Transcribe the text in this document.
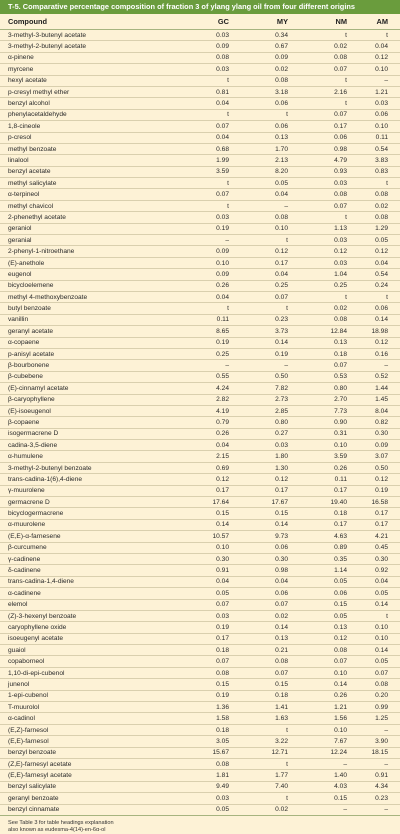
T-5. Comparative percentage composition of fraction 3 of ylang ylang oil from four different origins
Compound	GC	MY	NM	AM
3-methyl-3-butenyl acetate	0.03	0.34	t	t
3-methyl-2-butenyl acetate	0.09	0.67	0.02	0.04
α-pinene	0.08	0.09	0.08	0.12
myrcene	0.03	0.02	0.07	0.10
hexyl acetate	t	0.08	t	–
p-cresyl methyl ether	0.81	3.18	2.16	1.21
benzyl alcohol	0.04	0.06	t	0.03
phenylacetaldehyde	t	t	0.07	0.06
1,8-cineole	0.07	0.06	0.17	0.10
p-cresol	0.04	0.13	0.06	0.11
methyl benzoate	0.68	1.70	0.98	0.54
linalool	1.99	2.13	4.79	3.83
benzyl acetate	3.59	8.20	0.93	0.83
methyl salicylate	t	0.05	0.03	t
α-terpineol	0.07	0.04	0.08	0.08
methyl chavicol	t	–	0.07	0.02
2-phenethyl acetate	0.03	0.08	t	0.08
geraniol	0.19	0.10	1.13	1.29
geranial	–	t	0.03	0.05
2-phenyl-1-nitroethane	0.09	0.12	0.12	0.12
(E)-anethole	0.10	0.17	0.03	0.04
eugenol	0.09	0.04	1.04	0.54
bicycloelemene	0.26	0.25	0.25	0.24
methyl 4-methoxybenzoate	0.04	0.07	t	t
butyl benzoate	t	t	0.02	0.06
vanillin	0.11	0.23	0.08	0.14
geranyl acetate	8.65	3.73	12.84	18.98
α-copaene	0.19	0.14	0.13	0.12
p-anisyl acetate	0.25	0.19	0.18	0.16
β-bourbonene	–	–	0.07	–
β-cubebene	0.55	0.50	0.53	0.52
(E)-cinnamyl acetate	4.24	7.82	0.80	1.44
β-caryophyllene	2.82	2.73	2.70	1.45
(E)-isoeugenol	4.19	2.85	7.73	8.04
β-copaene	0.79	0.80	0.90	0.82
isogermacrene D	0.26	0.27	0.31	0.30
cadina-3,5-diene	0.04	0.03	0.10	0.09
α-humulene	2.15	1.80	3.59	3.07
3-methyl-2-butenyl benzoate	0.69	1.30	0.26	0.50
trans-cadina-1(6),4-diene	0.12	0.12	0.11	0.12
γ-muurolene	0.17	0.17	0.17	0.19
germacrene D	17.64	17.67	19.40	16.58
bicyclogermacrene	0.15	0.15	0.18	0.17
α-muurolene	0.14	0.14	0.17	0.17
(E,E)-α-farnesene	10.57	9.73	4.63	4.21
β-curcumene	0.10	0.06	0.89	0.45
γ-cadinene	0.30	0.30	0.35	0.30
δ-cadinene	0.91	0.98	1.14	0.92
trans-cadina-1,4-diene	0.04	0.04	0.05	0.04
α-cadinene	0.05	0.06	0.06	0.05
elemol	0.07	0.07	0.15	0.14
(Z)-3-hexenyl benzoate	0.03	0.02	0.05	t
caryophyllene oxide	0.19	0.14	0.13	0.10
isoeugenyl acetate	0.17	0.13	0.12	0.10
guaiol	0.18	0.21	0.08	0.14
copaborneol	0.07	0.08	0.07	0.05
1,10-di-epi-cubenol	0.08	0.07	0.10	0.07
junenol	0.15	0.15	0.14	0.08
1-epi-cubenol	0.19	0.18	0.26	0.20
T-muurolol	1.36	1.41	1.21	0.99
α-cadinol	1.58	1.63	1.56	1.25
(E,Z)-farnesol	0.18	t	0.10	–
(E,E)-farnesol	3.05	3.22	7.67	3.90
benzyl benzoate	15.67	12.71	12.24	18.15
(Z,E)-farnesyl acetate	0.08	t	–	–
(E,E)-farnesyl acetate	1.81	1.77	1.40	0.91
benzyl salicylate	9.49	7.40	4.03	4.34
geranyl benzoate	0.03	t	0.15	0.23
benzyl cinnamate	0.05	0.02	–	–
See Table 3 for table headings explanation
also known as eudesma-4(14)-en-6α-ol
